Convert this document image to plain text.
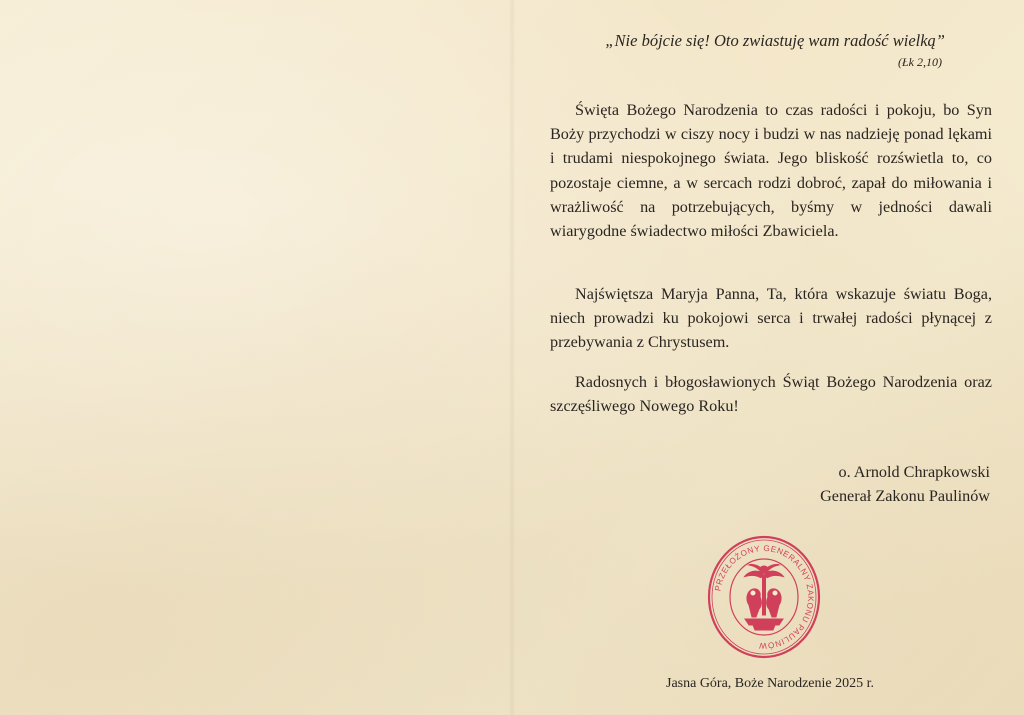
„Nie bójcie się! Oto zwiastuję wam radość wielką”
(Łk 2,10)

Święta Bożego Narodzenia to czas radości i pokoju, bo Syn Boży przychodzi w ciszy nocy i budzi w nas nadzieję ponad lękami i trudami niespokojnego świata. Jego bliskość rozświetla to, co pozostaje ciemne, a w sercach rodzi dobroć, zapał do miłowania i wrażliwość na potrzebujących, byśmy w jedności dawali wiarygodne świadectwo miłości Zbawiciela.

Najświętsza Maryja Panna, Ta, która wskazuje światu Boga, niech prowadzi ku pokojowi serca i trwałej radości płynącej z przebywania z Chrystusem.

Radosnych i błogosławionych Świąt Bożego Narodzenia oraz szczęśliwego Nowego Roku!

o. Arnold Chrapkowski
Generał Zakonu Paulinów
PRZEŁOŻONY GENERALNY ZAKONU PAULINÓW
Jasna Góra, Boże Narodzenie 2025 r.
